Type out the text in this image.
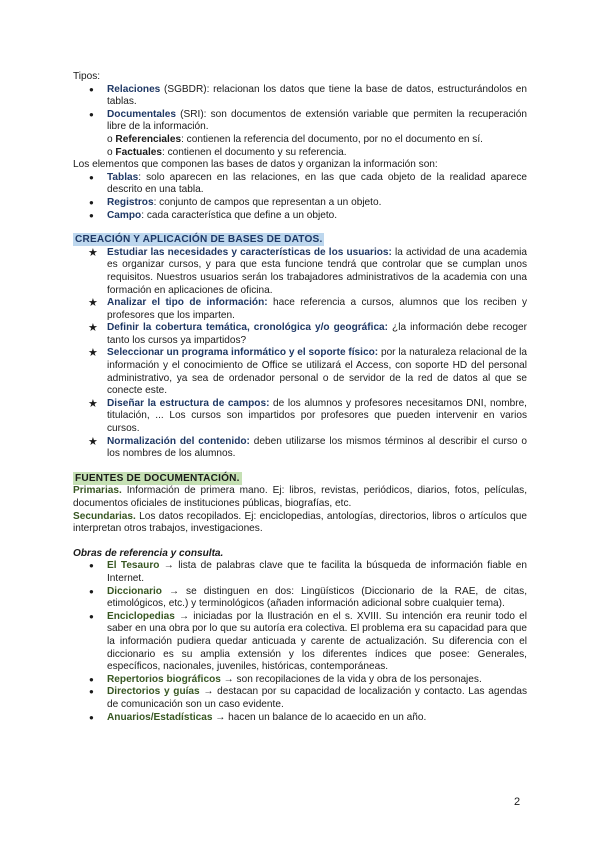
Tipos:

● Relaciones (SGBDR): relacionan los datos que tiene la base de datos, estructurándolos en tablas.
● Documentales (SRI): son documentos de extensión variable que permiten la recuperación libre de la información.

o Referenciales: contienen la referencia del documento, por no el documento en sí.

o Factuales: contienen el documento y su referencia.

Los elementos que componen las bases de datos y organizan la información son:

● Tablas: solo aparecen en las relaciones, en las que cada objeto de la realidad aparece descrito en una tabla.
● Registros: conjunto de campos que representan a un objeto.
● Campo: cada característica que define a un objeto.

CREACIÓN Y APLICACIÓN DE BASES DE DATOS.

★ Estudiar las necesidades y características de los usuarios: la actividad de una academia es organizar cursos, y para que esta funcione tendrá que controlar que se cumplan unos requisitos. Nuestros usuarios serán los trabajadores administrativos de la academia con una formación en aplicaciones de oficina.
★ Analizar el tipo de información: hace referencia a cursos, alumnos que los reciben y profesores que los imparten.
★ Definir la cobertura temática, cronológica y/o geográfica: ¿la información debe recoger tanto los cursos ya impartidos?
★ Seleccionar un programa informático y el soporte físico: por la naturaleza relacional de la información y el conocimiento de Office se utilizará el Access, con soporte HD del personal administrativo, ya sea de ordenador personal o de servidor de la red de datos al que se conecte este.
★ Diseñar la estructura de campos: de los alumnos y profesores necesitamos DNI, nombre, titulación, ... Los cursos son impartidos por profesores que pueden intervenir en varios cursos.
★ Normalización del contenido: deben utilizarse los mismos términos al describir el curso o los nombres de los alumnos.

FUENTES DE DOCUMENTACIÓN.

Primarias. Información de primera mano. Ej: libros, revistas, periódicos, diarios, fotos, películas, documentos oficiales de instituciones públicas, biografías, etc.

Secundarias. Los datos recopilados. Ej: enciclopedias, antologías, directorios, libros o artículos que interpretan otros trabajos, investigaciones.

Obras de referencia y consulta.

● El Tesauro → lista de palabras clave que te facilita la búsqueda de información fiable en Internet.
● Diccionario → se distinguen en dos: Lingüísticos (Diccionario de la RAE, de citas, etimológicos, etc.) y terminológicos (añaden información adicional sobre cualquier tema).
● Enciclopedias → iniciadas por la Ilustración en el s. XVIII. Su intención era reunir todo el saber en una obra por lo que su autoría era colectiva. El problema era su capacidad para que la información pudiera quedar anticuada y carente de actualización. Su diferencia con el diccionario es su amplia extensión y los diferentes índices que posee: Generales, específicos, nacionales, juveniles, históricas, contemporáneas.
● Repertorios biográficos → son recopilaciones de la vida y obra de los personajes.
● Directorios y guías → destacan por su capacidad de localización y contacto. Las agendas de comunicación son un caso evidente.
● Anuarios/Estadísticas → hacen un balance de lo acaecido en un año.
2
